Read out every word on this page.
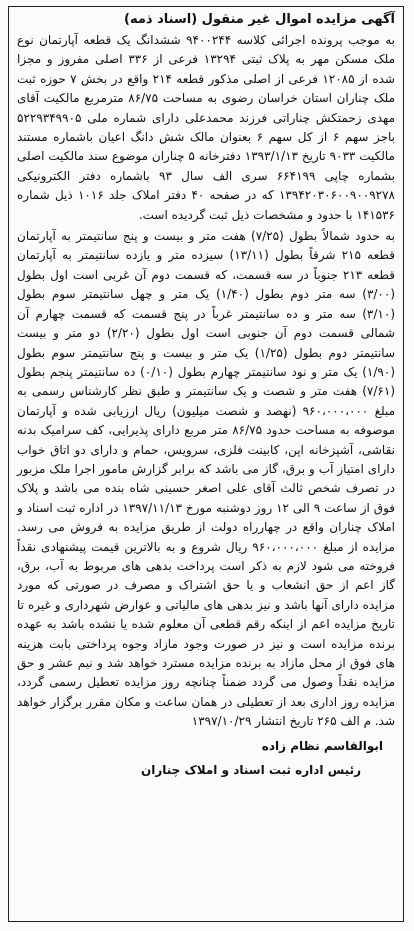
آگهی مزایده اموال غیر منقول (اسناد ذمه)

به موجب پرونده اجرائی کلاسه ۹۴۰۰۲۴۴ ششدانگ یک قطعه آپارتمان نوع ملک مسکن مهر به پلاک ثبتی ۱۳۲۹۴ فرعی از ۳۳۶ اصلی مفروز و مجزا شده از ۱۲۰۸۵ فرعی از اصلی مذکور قطعه ۲۱۴ واقع در بخش ۷ حوزه ثبت ملک چناران استان خراسان رضوی به مساحت ۸۶/۷۵ مترمربع مالکیت آقای مهدی زحمتکش چناراتی فرزند محمدعلی دارای شماره ملی ۵۲۲۹۳۴۹۹۰۵ باجز سهم ۶ از کل سهم ۶ بعنوان مالک شش دانگ اعیان باشماره مستند مالکیت ۹۰۳۳ تاریخ ۱۳۹۳/۱/۱۳ دفترخانه ۵ چناران موضوع سند مالکیت اصلی بشماره چاپی ۶۶۴۱۹۹ سری الف سال ۹۳ باشماره دفتر الکترونیکی ۱۳۹۴۲۰۳۰۶۰۰۹۰۰۹۲۷۸ که در صفحه ۴۰ دفتر املاک جلد ۱۰۱۶ ذیل شماره ۱۴۱۵۳۶ با حدود و مشخصات ذیل ثبت گردیده است.

به حدود شمالاً بطول (۷/۲۵) هفت متر و بیست و پنج سانتیمتر به آپارتمان قطعه ۲۱۵ شرقاً بطول (۱۳/۱۱) سیزده متر و یازده سانتیمتر به آپارتمان قطعه ۲۱۳ جنوباً در سه قسمت، که قسمت دوم آن غربی است اول بطول (۳/۰۰) سه متر دوم بطول (۱/۴۰) یک متر و چهل سانتیمتر سوم بطول (۳/۱۰) سه متر و ده سانتیمتر غرباً در پنج قسمت که قسمت چهارم آن شمالی قسمت دوم آن جنوبی است اول بطول (۲/۲۰) دو متر و بیست سانتیمتر دوم بطول (۱/۲۵) یک متر و بیست و پنج سانتیمتر سوم بطول (۱/۹۰) یک متر و نود سانتیمتر چهارم بطول (۰/۱۰) ده سانتیمتر پنجم بطول (۷/۶۱) هفت متر و شصت و یک سانتیمتر و طبق نظر کارشناس رسمی به مبلغ ۹۶۰،۰۰۰،۰۰۰ (نهصد و شصت میلیون) ریال ارزیابی شده و آپارتمان موصوفه به مساحت حدود ۸۶/۷۵ متر مربع دارای پذیرایی، کف سرامیک بدنه نقاشی، آشپزخانه اپن، کابینت فلزی، سرویس، حمام و دارای دو اتاق خواب دارای امتیاز آب و برق، گاز می باشد که برابر گزارش مامور اجرا ملک مزبور در تصرف شخص ثالث آقای علی اصغر حسینی شاه بنده می باشد و پلاک فوق از ساعت ۹ الی ۱۲ روز دوشنبه مورخ ۱۳۹۷/۱۱/۱۳ در اداره ثبت اسناد و املاک چناران واقع در چهارراه دولت از طریق مزایده به فروش می رسد. مزایده از مبلغ ۹۶۰،۰۰۰،۰۰۰ ریال شروع و به بالاترین قیمت پیشنهادی نقداً فروخته می شود لازم به ذکر است پرداخت بدهی های مربوط به آب، برق، گاز اعم از حق انشعاب و یا حق اشتراک و مصرف در صورتی که مورد مزایده دارای آنها باشد و نیز بدهی های مالیاتی و عوارض شهرداری و غیره تا تاریخ مزایده اعم از اینکه رقم قطعی آن معلوم شده یا نشده باشد به عهده برنده مزایده است و نیز در صورت وجود مازاد وجوه پرداختی بابت هزینه های فوق از محل مازاد به برنده مزایده مسترد خواهد شد و نیم عشر و حق مزایده نقداً وصول می گردد ضمناً چنانچه روز مزایده تعطیل رسمی گردد، مزایده روز اداری بعد از تعطیلی در همان ساعت و مکان مقرر برگزار خواهد شد. م الف ۲۶۵ تاریخ انتشار ۱۳۹۷/۱۰/۲۹

ابوالقاسم نظام زاده
رئیس اداره ثبت اسناد و املاک چناران
